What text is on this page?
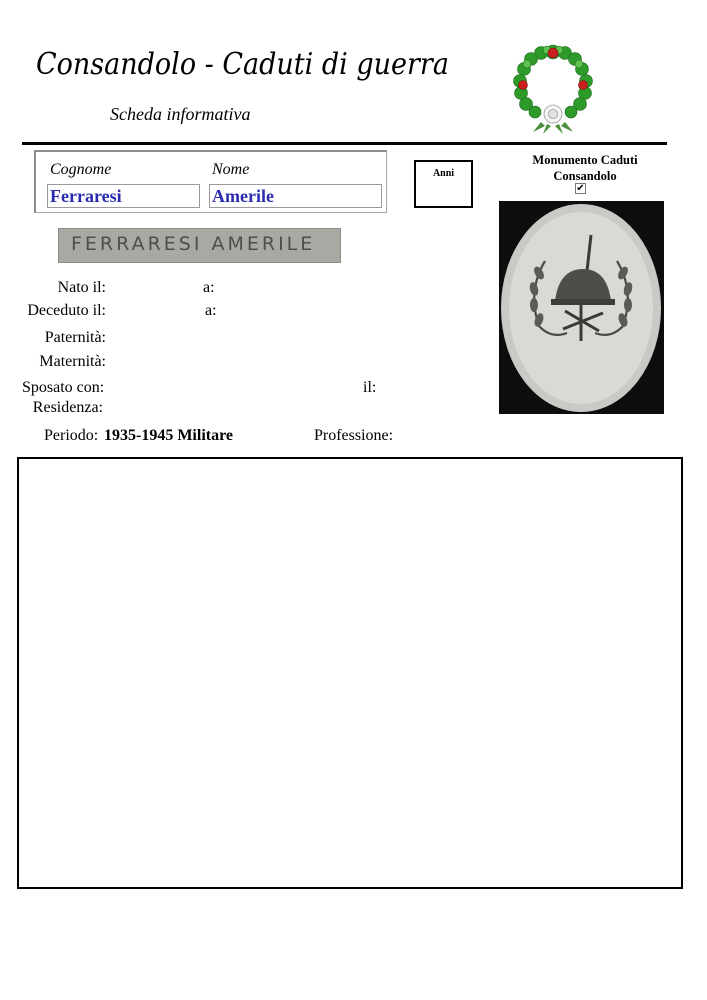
Consandolo - Caduti di guerra
Scheda informativa
Cognome	Nome
Ferraresi	Amerile
Anni
Monumento Caduti
Consandolo
✔
FERRARESI AMERILE
Nato il:	a:
Deceduto il:	a:
Paternità:
Maternità:
Sposato con:	il:
Residenza:
Periodo: 1935-1945 Militare	Professione:
